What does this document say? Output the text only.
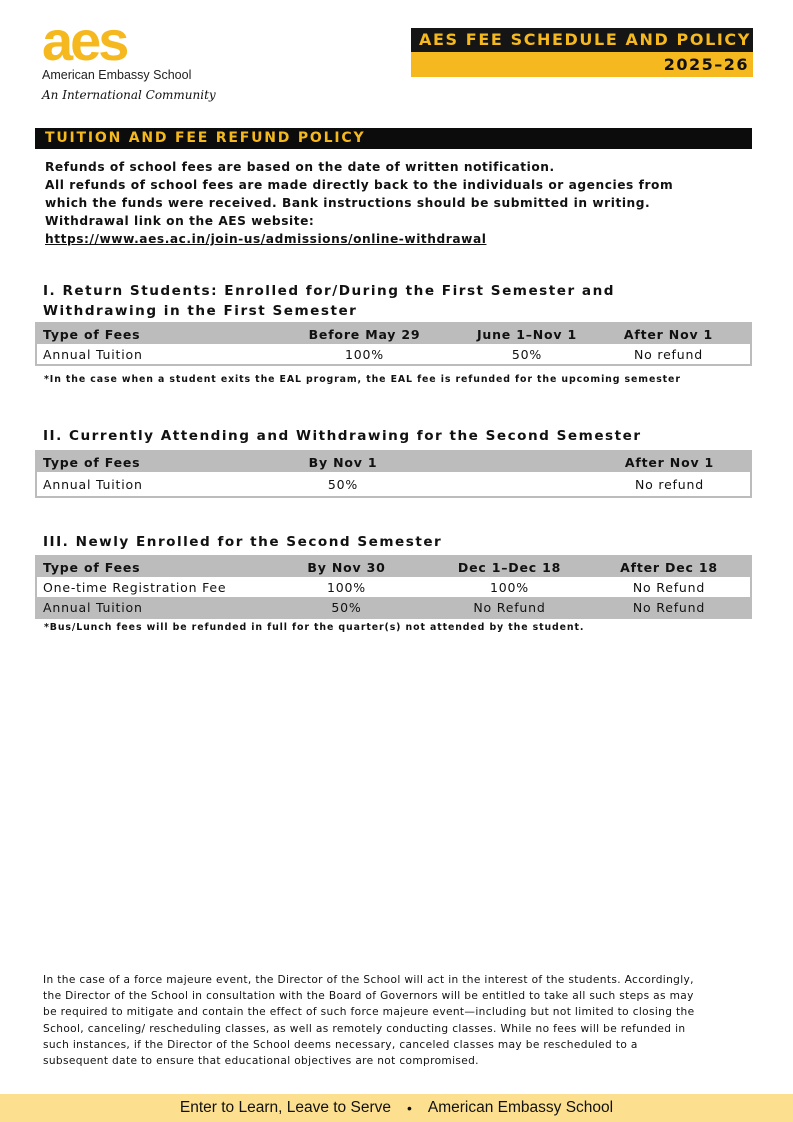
aes
American Embassy School
An International Community
AES FEE SCHEDULE AND POLICY
2025–26
TUITION AND FEE REFUND POLICY
Refunds of school fees are based on the date of written notification.
All refunds of school fees are made directly back to the individuals or agencies from
which the funds were received. Bank instructions should be submitted in writing.
Withdrawal link on the AES website:
https://www.aes.ac.in/join-us/admissions/online-withdrawal
I. Return Students: Enrolled for/During the First Semester and
Withdrawing in the First Semester
Type of Fees	Before May 29	June 1–Nov 1	After Nov 1
Annual Tuition	100%	50%	No refund
*In the case when a student exits the EAL program, the EAL fee is refunded for the upcoming semester
II. Currently Attending and Withdrawing for the Second Semester
Type of Fees	By Nov 1	After Nov 1
Annual Tuition	50%	No refund
III. Newly Enrolled for the Second Semester
Type of Fees	By Nov 30	Dec 1–Dec 18	After Dec 18
One-time Registration Fee	100%	100%	No Refund
Annual Tuition	50%	No Refund	No Refund
*Bus/Lunch fees will be refunded in full for the quarter(s) not attended by the student.
In the case of a force majeure event, the Director of the School will act in the interest of the students. Accordingly,
the Director of the School in consultation with the Board of Governors will be entitled to take all such steps as may
be required to mitigate and contain the effect of such force majeure event—including but not limited to closing the
School, canceling/ rescheduling classes, as well as remotely conducting classes. While no fees will be refunded in
such instances, if the Director of the School deems necessary, canceled classes may be rescheduled to a
subsequent date to ensure that educational objectives are not compromised.
Enter to Learn, Leave to Serve • American Embassy School
